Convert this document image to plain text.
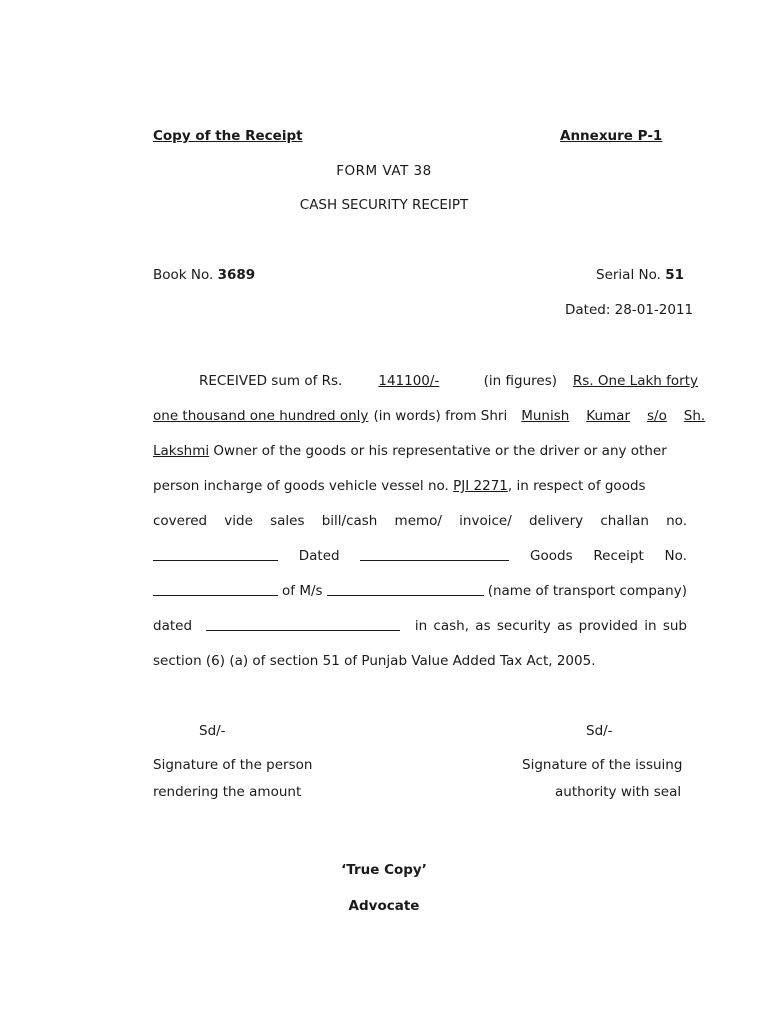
Copy of the Receipt	Annexure P-1
FORM VAT 38
CASH SECURITY RECEIPT
Book No. 3689	Serial No. 51
Dated: 28-01-2011
RECEIVED sum of Rs.	141100/-	(in figures) Rs. One Lakh forty
one thousand one hundred only (in words) from Shri Munish Kumar s/o Sh.
Lakshmi Owner of the goods or his representative or the driver or any other
person incharge of goods vehicle vessel no. PJI 2271, in respect of goods
covered vide sales bill/cash memo/ invoice/ delivery challan no.
Dated	Goods Receipt No.
of M/s	(name of transport company)
dated	in cash, as security as provided in sub
section (6) (a) of section 51 of Punjab Value Added Tax Act, 2005.
Sd/-	Sd/-
Signature of the person
rendering the amount
Signature of the issuing
authority with seal
‘True Copy’
Advocate
